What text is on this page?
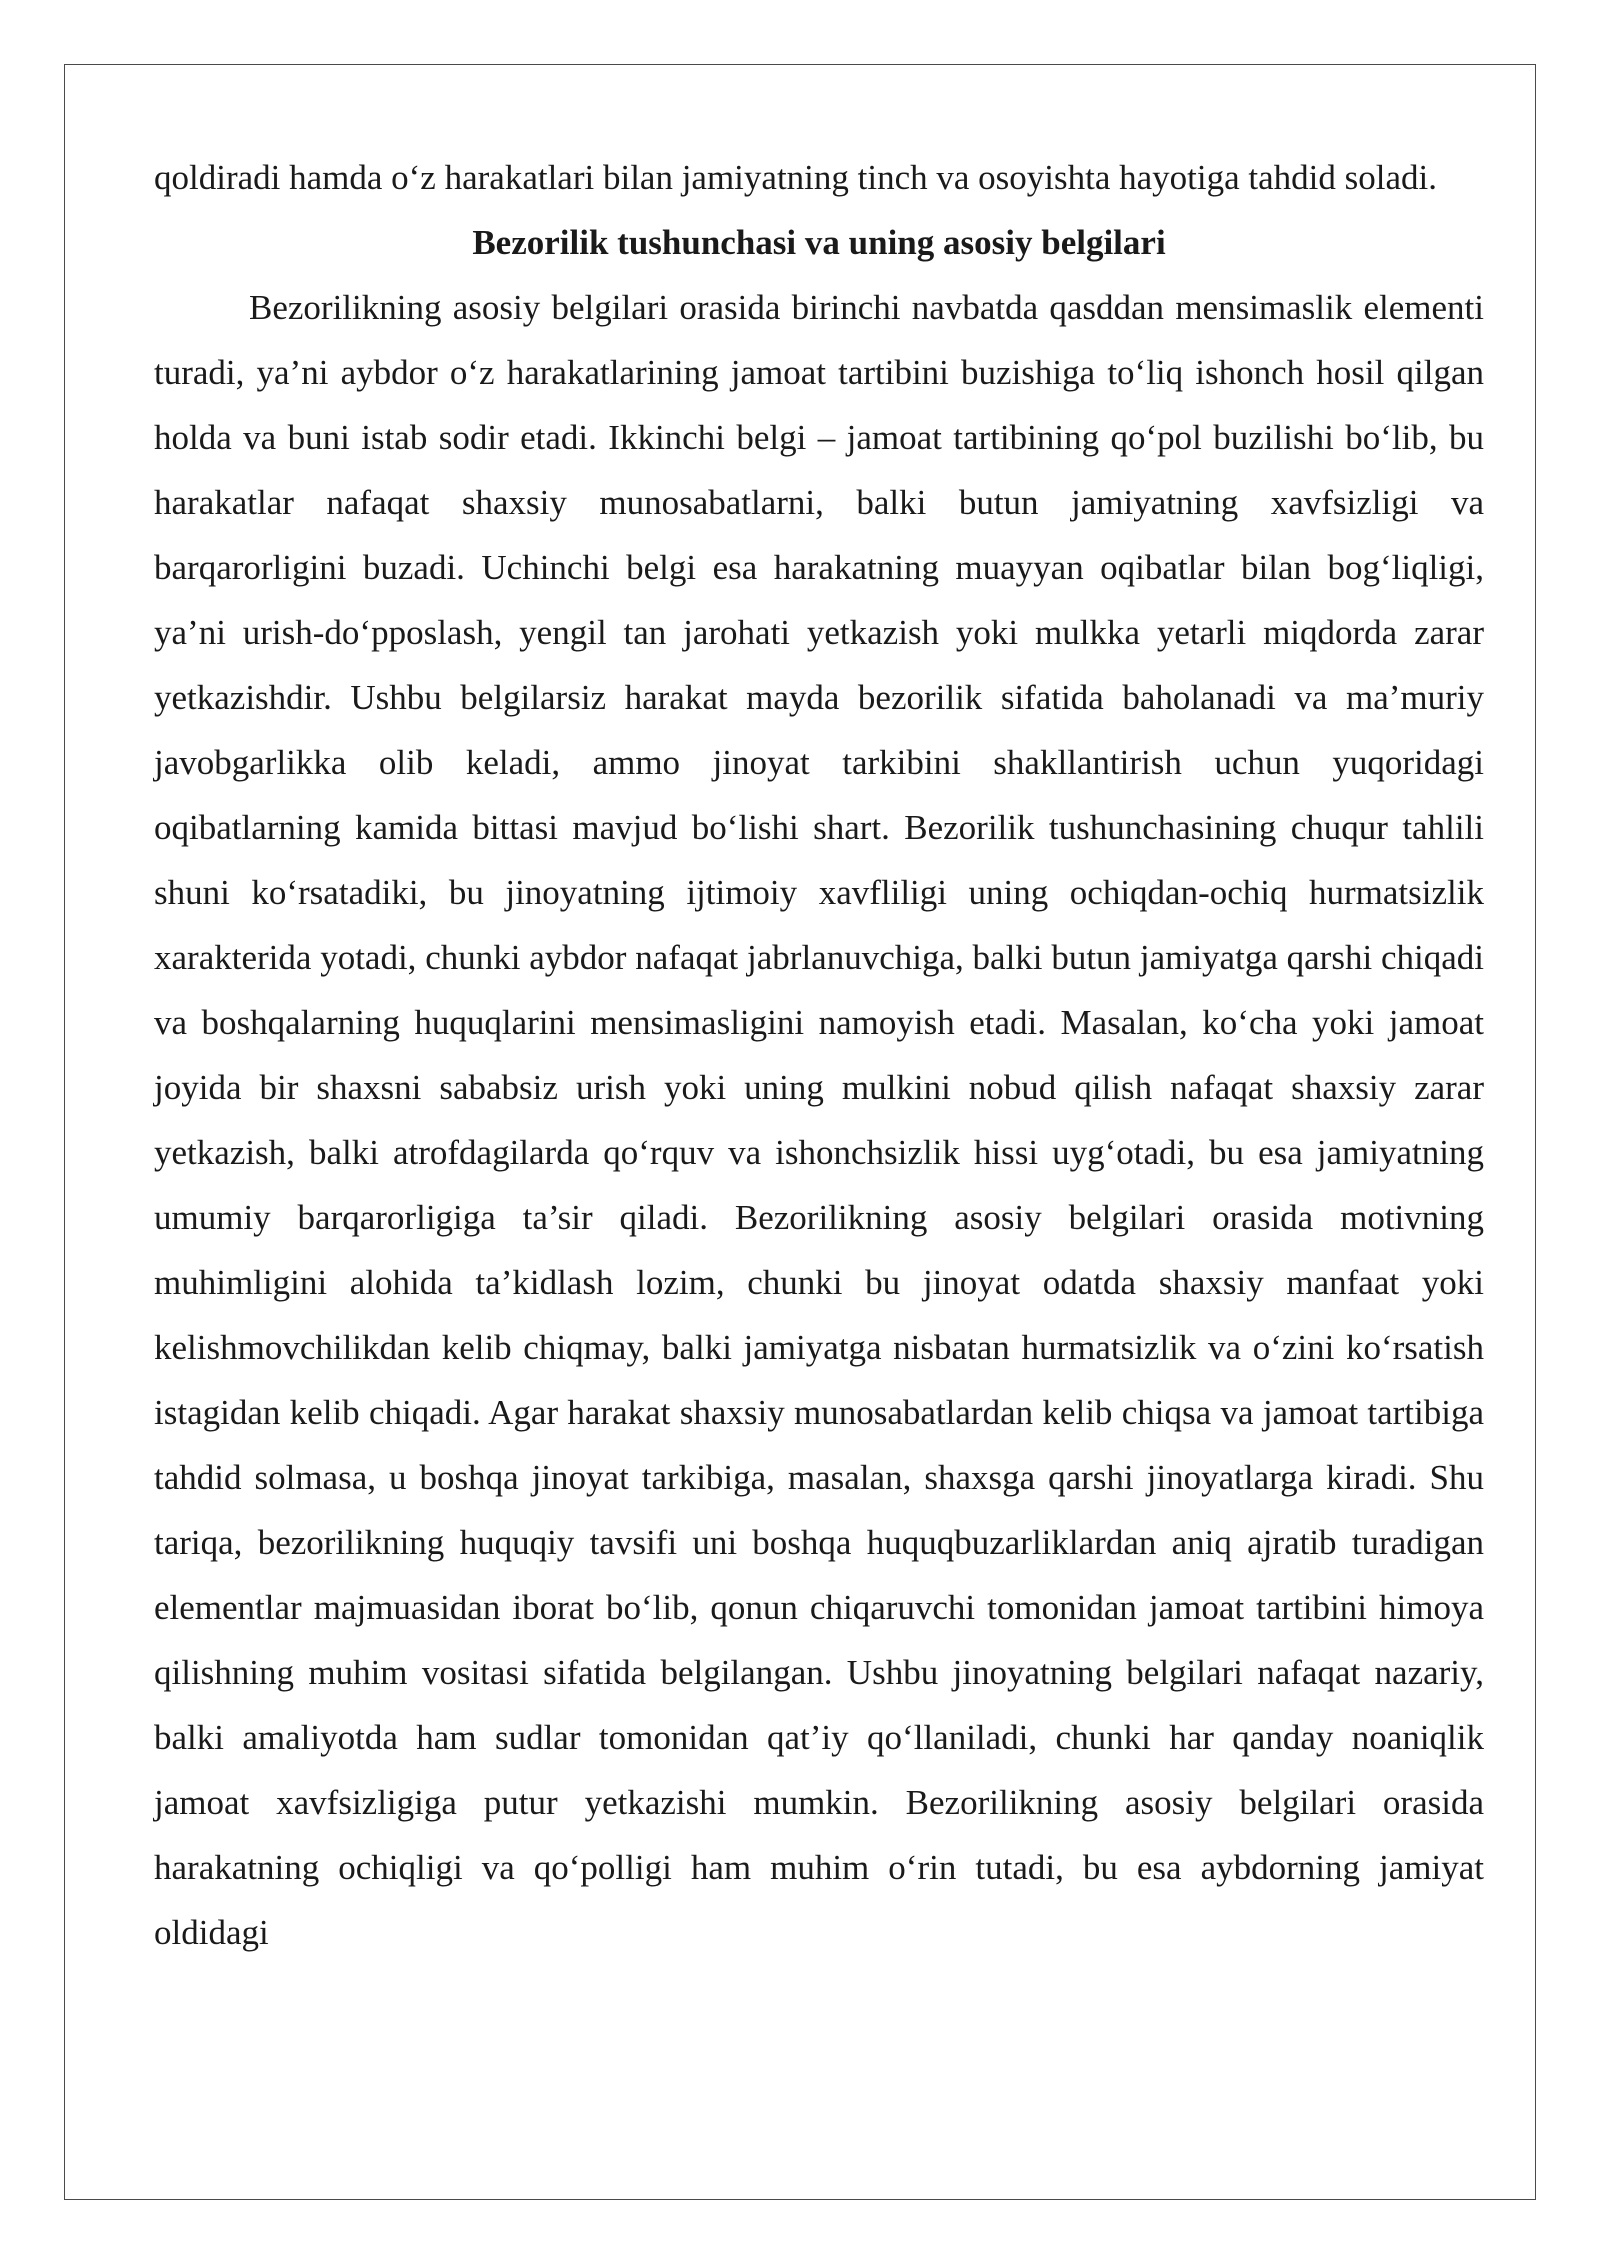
qoldiradi hamda o‘z harakatlari bilan jamiyatning tinch va osoyishta hayotiga tahdid soladi.

Bezorilik tushunchasi va uning asosiy belgilari

Bezorilikning asosiy belgilari orasida birinchi navbatda qasddan mensimaslik elementi turadi, ya’ni aybdor o‘z harakatlarining jamoat tartibini buzishiga to‘liq ishonch hosil qilgan holda va buni istab sodir etadi. Ikkinchi belgi – jamoat tartibining qo‘pol buzilishi bo‘lib, bu harakatlar nafaqat shaxsiy munosabatlarni, balki butun jamiyatning xavfsizligi va barqarorligini buzadi. Uchinchi belgi esa harakatning muayyan oqibatlar bilan bog‘liqligi, ya’ni urish-do‘pposlash, yengil tan jarohati yetkazish yoki mulkka yetarli miqdorda zarar yetkazishdir. Ushbu belgilarsiz harakat mayda bezorilik sifatida baholanadi va ma’muriy javobgarlikka olib keladi, ammo jinoyat tarkibini shakllantirish uchun yuqoridagi oqibatlarning kamida bittasi mavjud bo‘lishi shart. Bezorilik tushunchasining chuqur tahlili shuni ko‘rsatadiki, bu jinoyatning ijtimoiy xavfliligi uning ochiqdan-ochiq hurmatsizlik xarakterida yotadi, chunki aybdor nafaqat jabrlanuvchiga, balki butun jamiyatga qarshi chiqadi va boshqalarning huquqlarini mensimasligini namoyish etadi. Masalan, ko‘cha yoki jamoat joyida bir shaxsni sababsiz urish yoki uning mulkini nobud qilish nafaqat shaxsiy zarar yetkazish, balki atrofdagilarda qo‘rquv va ishonchsizlik hissi uyg‘otadi, bu esa jamiyatning umumiy barqarorligiga ta’sir qiladi. Bezorilikning asosiy belgilari orasida motivning muhimligini alohida ta’kidlash lozim, chunki bu jinoyat odatda shaxsiy manfaat yoki kelishmovchilikdan kelib chiqmay, balki jamiyatga nisbatan hurmatsizlik va o‘zini ko‘rsatish istagidan kelib chiqadi. Agar harakat shaxsiy munosabatlardan kelib chiqsa va jamoat tartibiga tahdid solmasa, u boshqa jinoyat tarkibiga, masalan, shaxsga qarshi jinoyatlarga kiradi. Shu tariqa, bezorilikning huquqiy tavsifi uni boshqa huquqbuzarliklardan aniq ajratib turadigan elementlar majmuasidan iborat bo‘lib, qonun chiqaruvchi tomonidan jamoat tartibini himoya qilishning muhim vositasi sifatida belgilangan. Ushbu jinoyatning belgilari nafaqat nazariy, balki amaliyotda ham sudlar tomonidan qat’iy qo‘llaniladi, chunki har qanday noaniqlik jamoat xavfsizligiga putur yetkazishi mumkin. Bezorilikning asosiy belgilari orasida harakatning ochiqligi va qo‘polligi ham muhim o‘rin tutadi, bu esa aybdorning jamiyat oldidagi
